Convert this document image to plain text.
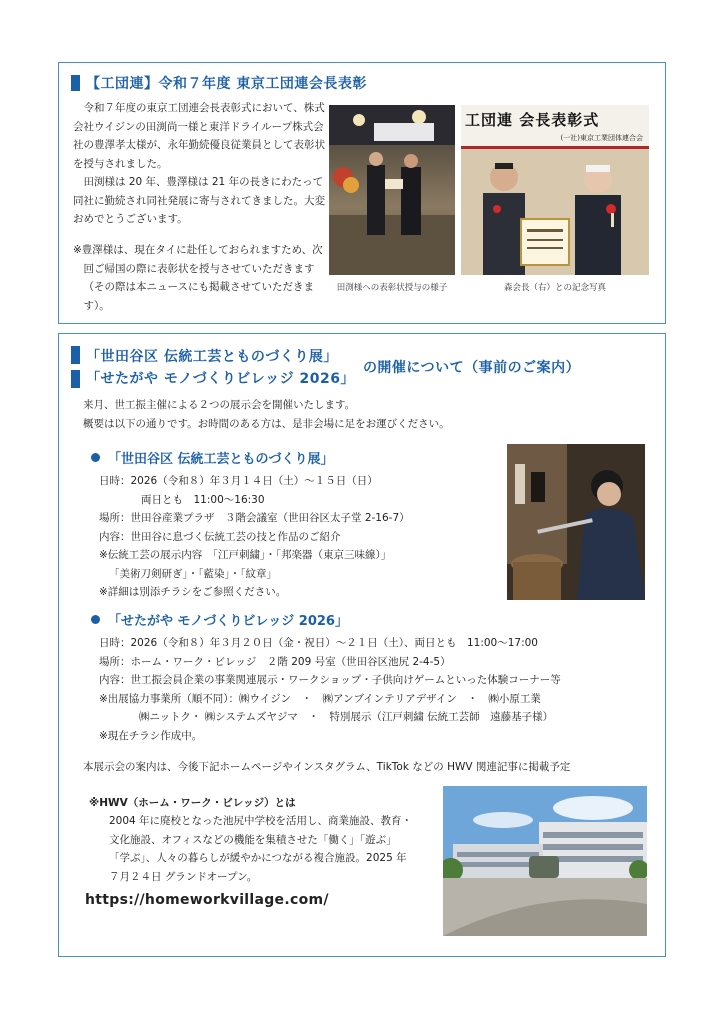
【工団連】令和７年度 東京工団連会長表彰

令和７年度の東京工団連会長表彰式において、株式会社ウイジンの田渕尚一様と東洋ドライループ株式会社の豊澤孝太様が、永年勤続優良従業員として表彰状を授与されました。

田渕様は 20 年、豊澤様は 21 年の長きにわたって同社に勤続され同社発展に寄与されてきました。大変おめでとうございます。

※豊澤様は、現在タイに赴任しておられますため、次回ご帰国の際に表彰状を授与させていただきます（その際は本ニュースにも掲載させていただきます）。
田渕様への表彰状授与の様子
工団連 会長表彰式
(一社)東京工業団体連合会
森会長（右）との記念写真
「世田谷区 伝統工芸とものづくり展」
「せたがや モノづくりビレッジ 2026」
の開催について（事前のご案内）

来月、世工振主催による２つの展示会を開催いたします。

概要は以下の通りです。お時間のある方は、是非会場に足をお運びください。

「世田谷区 伝統工芸とものづくり展」

日時：2026（令和８）年３月１４日（土）〜１５日（日）

両日とも　11:00〜16:30

場所：世田谷産業プラザ　３階会議室（世田谷区太子堂 2-16-7）

内容：世田谷に息づく伝統工芸の技と作品のご紹介

※伝統工芸の展示内容　「江戸刺繍」・「邦楽器（東京三味線）」

「美術刀剣研ぎ」・「藍染」・「紋章」

※詳細は別添チラシをご参照ください。

「せたがや モノづくりビレッジ 2026」

日時：2026（令和８）年３月２０日（金・祝日）〜２１日（土）、両日とも　11:00〜17:00

場所：ホーム・ワーク・ビレッジ　２階 209 号室（世田谷区池尻 2-4-5）

内容：世工振会員企業の事業関連展示・ワークショップ・子供向けゲームといった体験コーナー等

※出展協力事業所（順不同）：㈱ウイジン　・　㈱アンブインテリアデザイン　・　㈱小原工業

㈱ニットク・ ㈱システムズヤジマ　・　特別展示（江戸刺繍 伝統工芸師　遠藤基子様）

※現在チラシ作成中。

本展示会の案内は、今後下記ホームページやインスタグラム、TikTok などの HWV 関連記事に掲載予定
※HWV（ホーム・ワーク・ビレッジ）とは

2004 年に廃校となった池尻中学校を活用し、商業施設、教育・

文化施設、オフィスなどの機能を集積させた「働く」「遊ぶ」

「学ぶ」、人々の暮らしが緩やかにつながる複合施設。2025 年

７月２４日 グランドオープン。

https://homeworkvillage.com/
